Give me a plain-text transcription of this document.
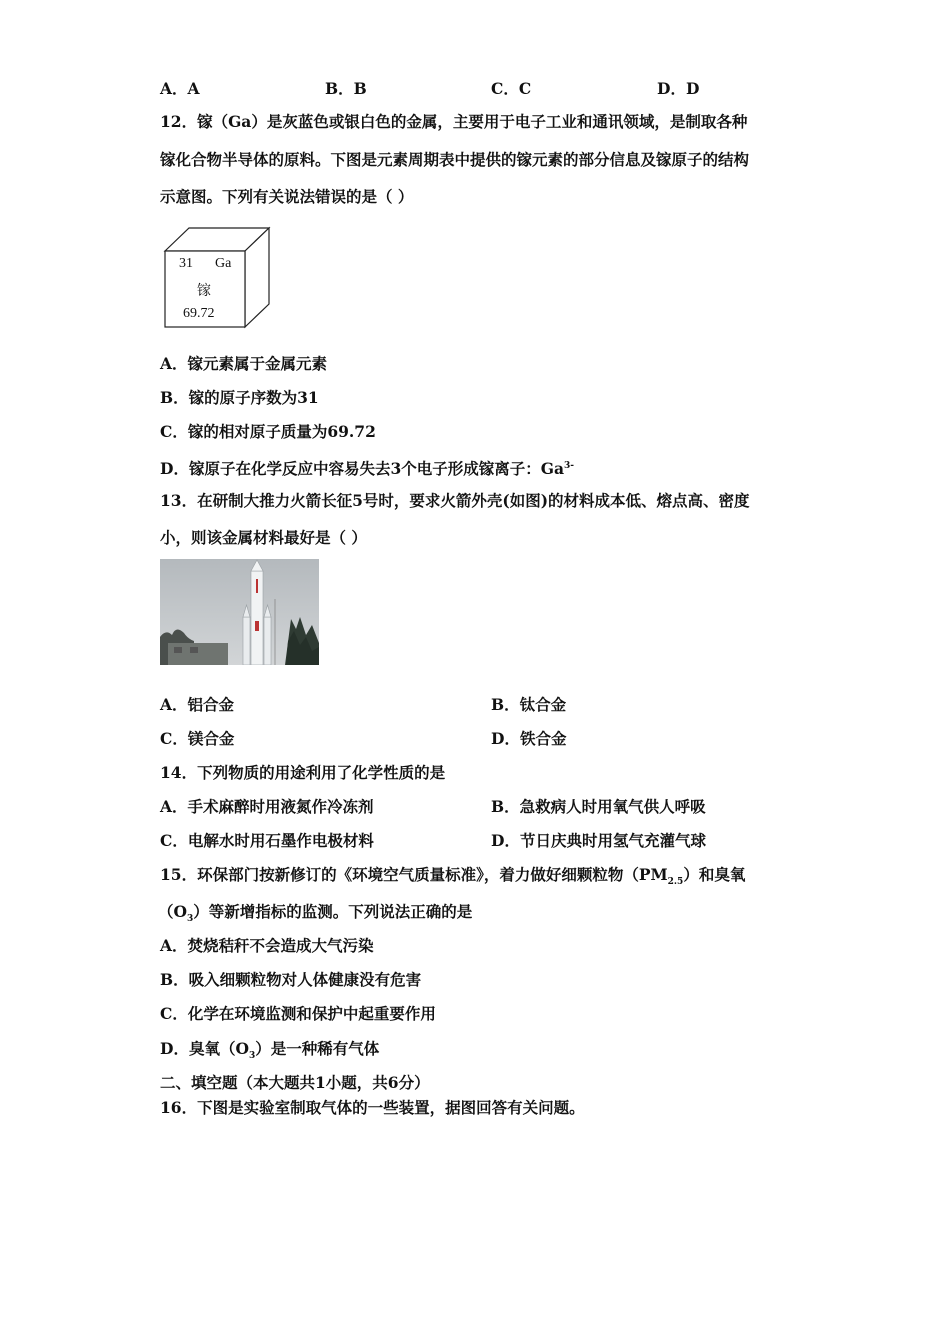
A．A	B．B	C．C	D．D
12．镓（Ga）是灰蓝色或银白色的金属，主要用于电子工业和通讯领域，是制取各种
镓化合物半导体的原料。下图是元素周期表中提供的镓元素的部分信息及镓原子的结构
示意图。下列有关说法错误的是（ ）
31 Ga
镓
69.72
A．镓元素属于金属元素
B．镓的原子序数为31
C．镓的相对原子质量为69.72
D．镓原子在化学反应中容易失去3个电子形成镓离子：$Ga^{3-}$
13．在研制大推力火箭长征5号时，要求火箭外壳(如图)的材料成本低、熔点高、密度
小，则该金属材料最好是（ ）
A．铝合金	B．钛合金
C．镁合金	D．铁合金
14．下列物质的用途利用了化学性质的是
A．手术麻醉时用液氮作冷冻剂	B．急救病人时用氧气供人呼吸
C．电解水时用石墨作电极材料	D．节日庆典时用氢气充灌气球
15．环保部门按新修订的《环境空气质量标准》，着力做好细颗粒物$(PM_{2.5})$和臭氧
$(O_3)$等新增指标的监测。下列说法正确的是
A．焚烧秸秆不会造成大气污染
B．吸入细颗粒物对人体健康没有危害
C．化学在环境监测和保护中起重要作用
D．臭氧$(O_3)$是一种稀有气体
二、填空题（本大题共1小题，共6分）
16．下图是实验室制取气体的一些装置，据图回答有关问题。
